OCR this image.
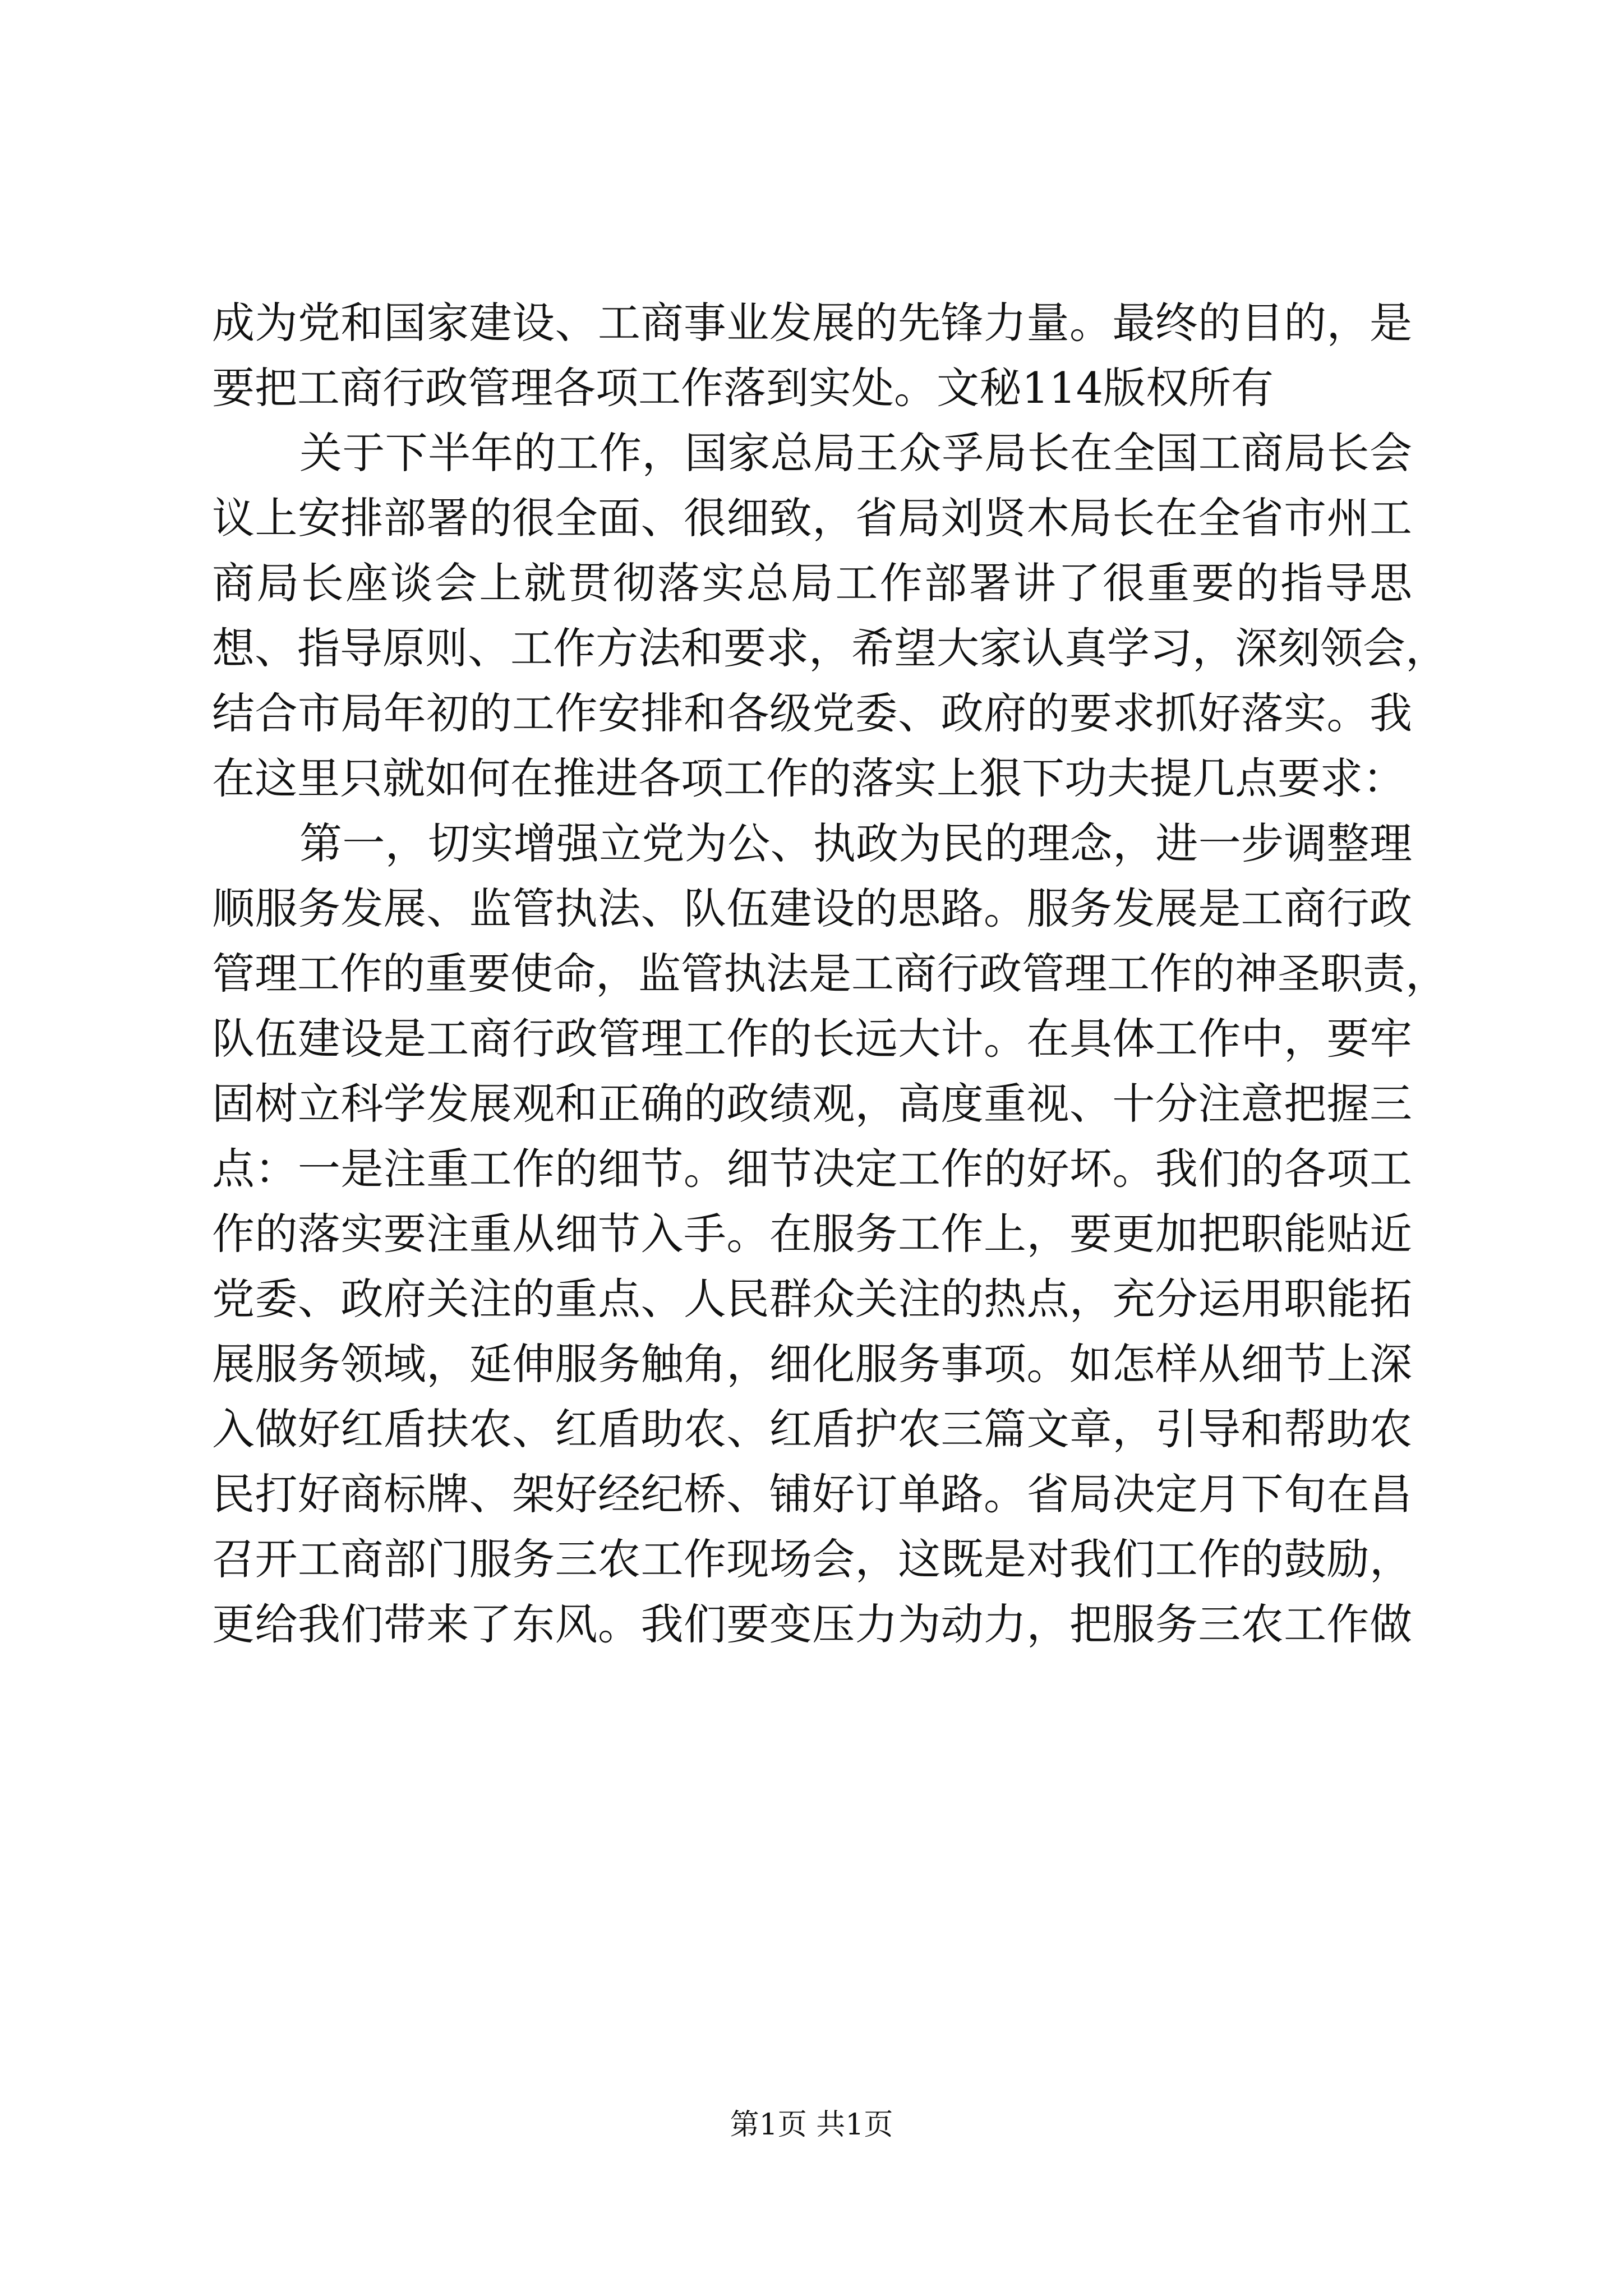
成为党和国家建设、工商事业发展的先锋力量。最终的目的，是
要把工商行政管理各项工作落到实处。文秘114版权所有
关于下半年的工作，国家总局王众孚局长在全国工商局长会
议上安排部署的很全面、很细致，省局刘贤木局长在全省市州工
商局长座谈会上就贯彻落实总局工作部署讲了很重要的指导思
想、指导原则、工作方法和要求，希望大家认真学习，深刻领会，
结合市局年初的工作安排和各级党委、政府的要求抓好落实。我
在这里只就如何在推进各项工作的落实上狠下功夫提几点要求：
第一，切实增强立党为公、执政为民的理念，进一步调整理
顺服务发展、监管执法、队伍建设的思路。服务发展是工商行政
管理工作的重要使命，监管执法是工商行政管理工作的神圣职责，
队伍建设是工商行政管理工作的长远大计。在具体工作中，要牢
固树立科学发展观和正确的政绩观，高度重视、十分注意把握三
点：一是注重工作的细节。细节决定工作的好坏。我们的各项工
作的落实要注重从细节入手。在服务工作上，要更加把职能贴近
党委、政府关注的重点、人民群众关注的热点，充分运用职能拓
展服务领域，延伸服务触角，细化服务事项。如怎样从细节上深
入做好红盾扶农、红盾助农、红盾护农三篇文章，引导和帮助农
民打好商标牌、架好经纪桥、铺好订单路。省局决定月下旬在昌
召开工商部门服务三农工作现场会，这既是对我们工作的鼓励，
更给我们带来了东风。我们要变压力为动力，把服务三农工作做
第1页 共1页
